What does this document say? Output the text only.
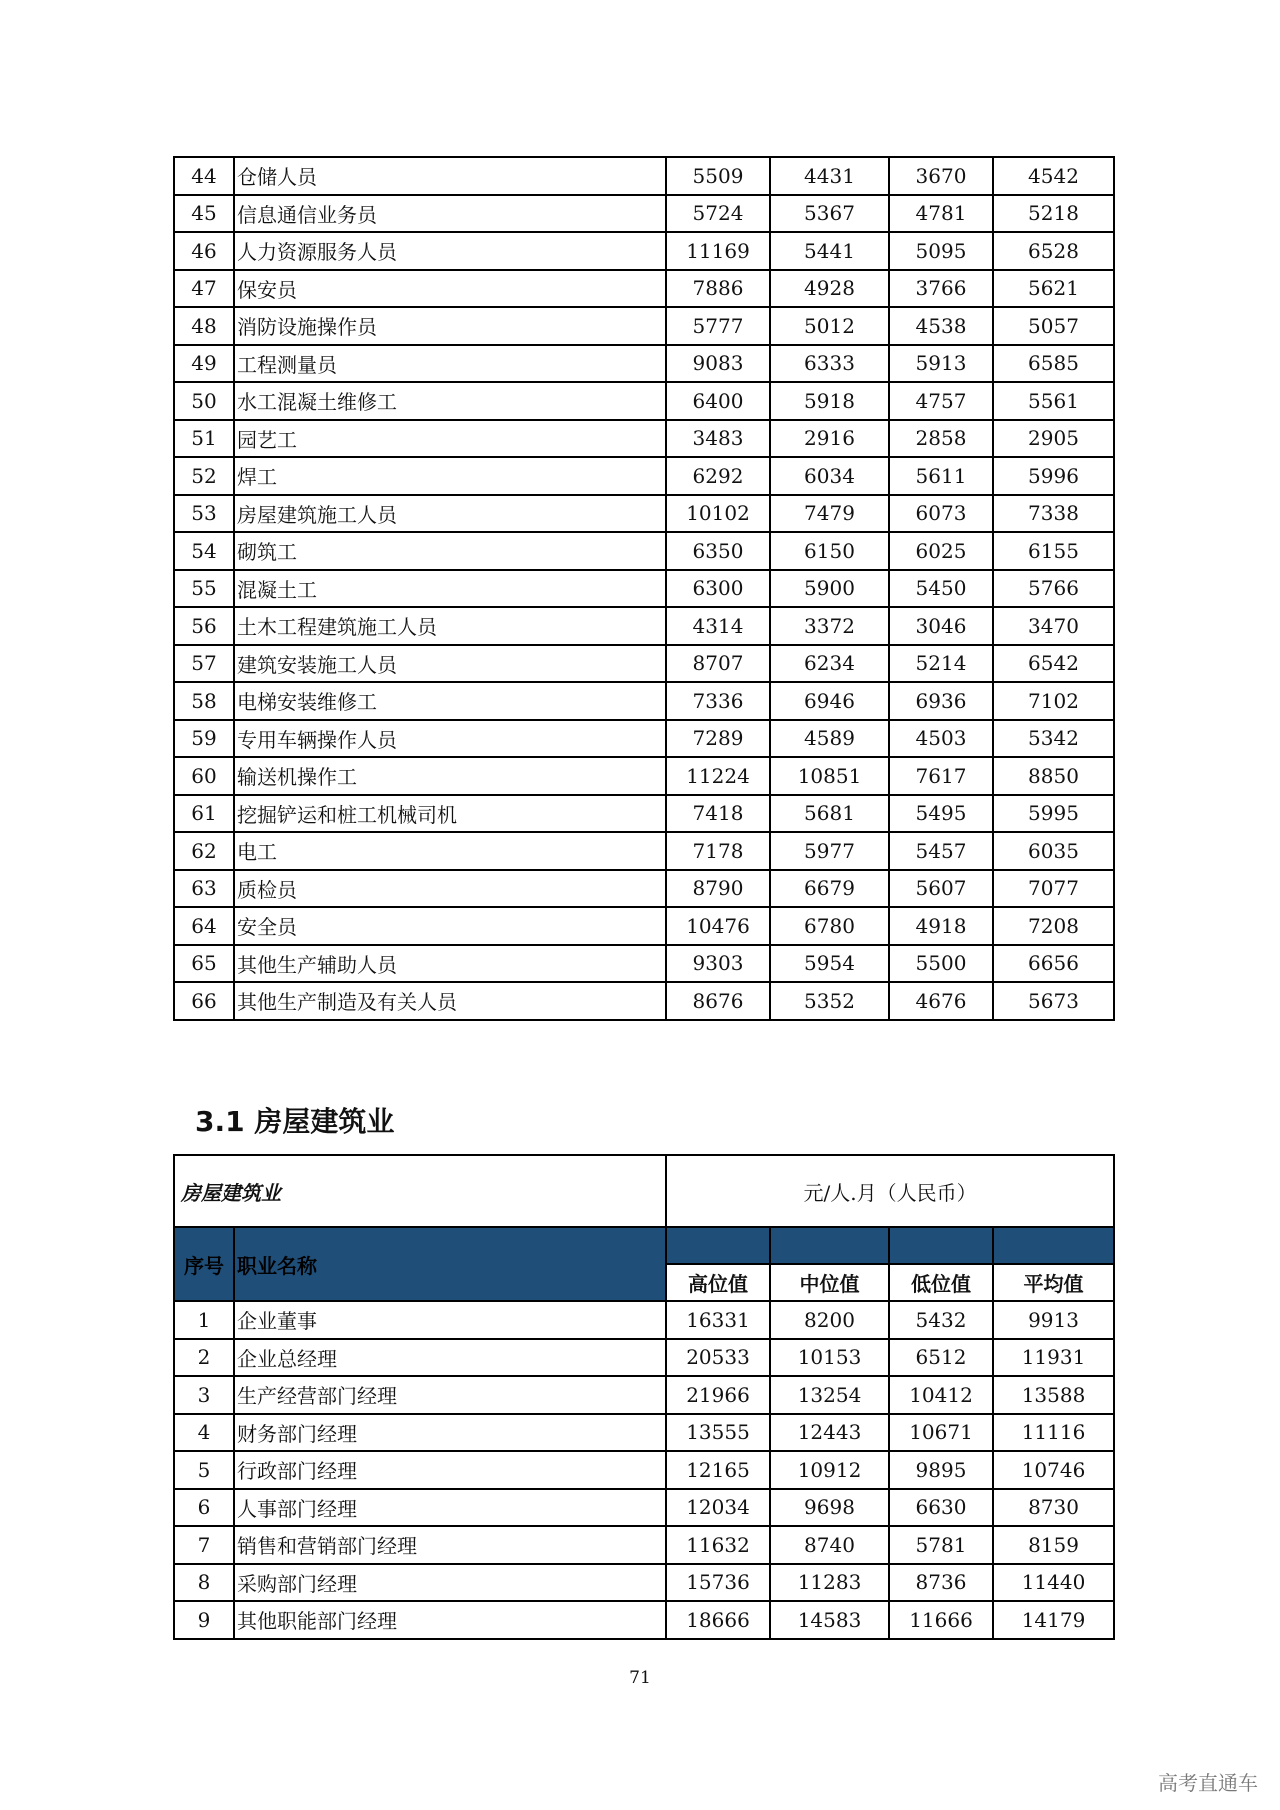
44	仓储人员	5509	4431	3670	4542
45	信息通信业务员	5724	5367	4781	5218
46	人力资源服务人员	11169	5441	5095	6528
47	保安员	7886	4928	3766	5621
48	消防设施操作员	5777	5012	4538	5057
49	工程测量员	9083	6333	5913	6585
50	水工混凝土维修工	6400	5918	4757	5561
51	园艺工	3483	2916	2858	2905
52	焊工	6292	6034	5611	5996
53	房屋建筑施工人员	10102	7479	6073	7338
54	砌筑工	6350	6150	6025	6155
55	混凝土工	6300	5900	5450	5766
56	土木工程建筑施工人员	4314	3372	3046	3470
57	建筑安装施工人员	8707	6234	5214	6542
58	电梯安装维修工	7336	6946	6936	7102
59	专用车辆操作人员	7289	4589	4503	5342
60	输送机操作工	11224	10851	7617	8850
61	挖掘铲运和桩工机械司机	7418	5681	5495	5995
62	电工	7178	5977	5457	6035
63	质检员	8790	6679	5607	7077
64	安全员	10476	6780	4918	7208
65	其他生产辅助人员	9303	5954	5500	6656
66	其他生产制造及有关人员	8676	5352	4676	5673
3.1 房屋建筑业
房屋建筑业		元/人.月（人民币）			
序号	职业名称				
		高位值	中位值	低位值	平均值
1	企业董事	16331	8200	5432	9913
2	企业总经理	20533	10153	6512	11931
3	生产经营部门经理	21966	13254	10412	13588
4	财务部门经理	13555	12443	10671	11116
5	行政部门经理	12165	10912	9895	10746
6	人事部门经理	12034	9698	6630	8730
7	销售和营销部门经理	11632	8740	5781	8159
8	采购部门经理	15736	11283	8736	11440
9	其他职能部门经理	18666	14583	11666	14179
71
高考直通车
